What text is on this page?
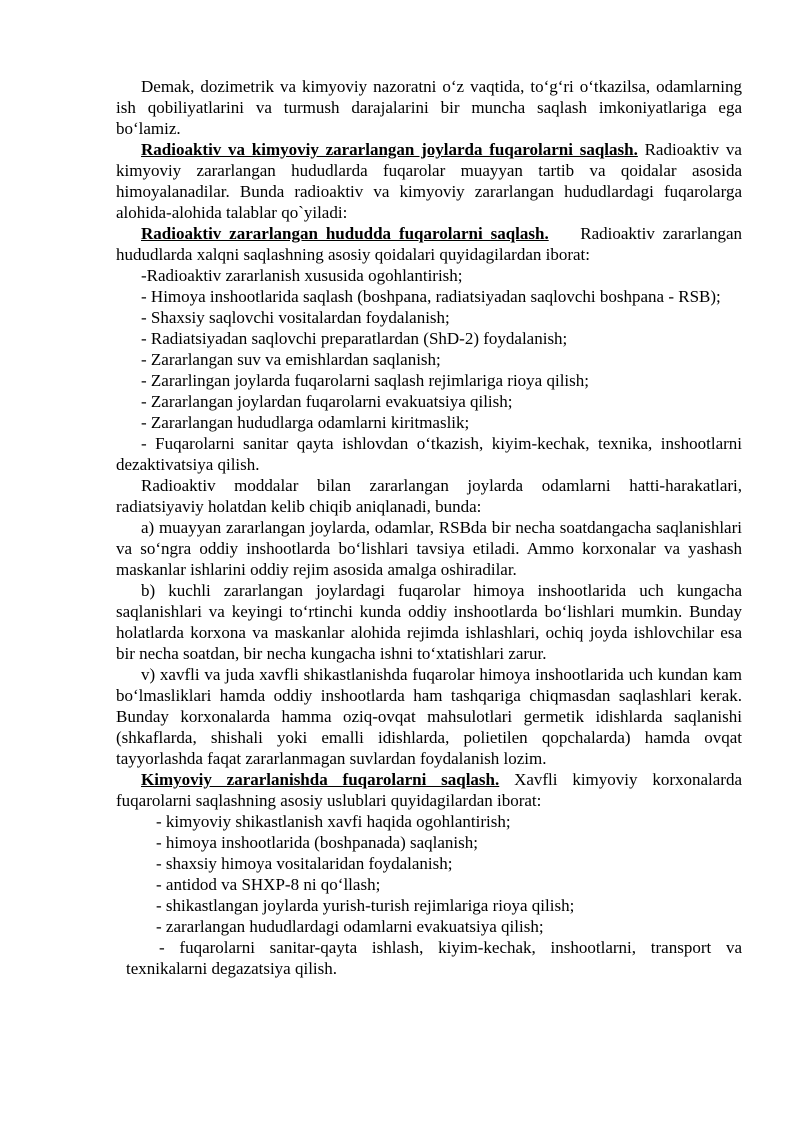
Demak, dozimetrik va kimyoviy nazoratni o‘z vaqtida, to‘g‘ri o‘tkazilsa, odamlarning ish qobiliyatlarini va turmush darajalarini bir muncha saqlash imkoniyatlariga ega bo‘lamiz.

Radioaktiv va kimyoviy zararlangan joylarda fuqarolarni saqlash. Radioaktiv va kimyoviy zararlangan hududlarda fuqarolar muayyan tartib va qoidalar asosida himoyalanadilar. Bunda radioaktiv va kimyoviy zararlangan hududlardagi fuqarolarga alohida-alohida talablar qo`yiladi:

Radioaktiv zararlangan hududda fuqarolarni saqlash. Radioaktiv zararlangan hududlarda xalqni saqlashning asosiy qoidalari quyidagilardan iborat:

-Radioaktiv zararlanish xususida ogohlantirish;

- Himoya inshootlarida saqlash (boshpana, radiatsiyadan saqlovchi boshpana - RSB);

- Shaxsiy saqlovchi vositalardan foydalanish;

- Radiatsiyadan saqlovchi preparatlardan (ShD-2) foydalanish;

- Zararlangan suv va emishlardan saqlanish;

- Zararlingan joylarda fuqarolarni saqlash rejimlariga rioya qilish;

- Zararlangan joylardan fuqarolarni evakuatsiya qilish;

- Zararlangan hududlarga odamlarni kiritmaslik;

- Fuqarolarni sanitar qayta ishlovdan o‘tkazish, kiyim-kechak, texnika, inshootlarni dezaktivatsiya qilish.

Radioaktiv moddalar bilan zararlangan joylarda odamlarni hatti-harakatlari, radiatsiyaviy holatdan kelib chiqib aniqlanadi, bunda:

a) muayyan zararlangan joylarda, odamlar, RSBda bir necha soatdangacha saqlanishlari va so‘ngra oddiy inshootlarda bo‘lishlari tavsiya etiladi. Ammo korxonalar va yashash maskanlar ishlarini oddiy rejim asosida amalga oshiradilar.

b) kuchli zararlangan joylardagi fuqarolar himoya inshootlarida uch kungacha saqlanishlari va keyingi to‘rtinchi kunda oddiy inshootlarda bo‘lishlari mumkin. Bunday holatlarda korxona va maskanlar alohida rejimda ishlashlari, ochiq joyda ishlovchilar esa bir necha soatdan, bir necha kungacha ishni to‘xtatishlari zarur.

v) xavfli va juda xavfli shikastlanishda fuqarolar himoya inshootlarida uch kundan kam bo‘lmasliklari hamda oddiy inshootlarda ham tashqariga chiqmasdan saqlashlari kerak. Bunday korxonalarda hamma oziq-ovqat mahsulotlari germetik idishlarda saqlanishi (shkaflarda, shishali yoki emalli idishlarda, polietilen qopchalarda) hamda ovqat tayyorlashda faqat zararlanmagan suvlardan foydalanish lozim.

Kimyoviy zararlanishda fuqarolarni saqlash. Xavfli kimyoviy korxonalarda fuqarolarni saqlashning asosiy uslublari quyidagilardan iborat:

- kimyoviy shikastlanish xavfi haqida ogohlantirish;

- himoya inshootlarida (boshpanada) saqlanish;

- shaxsiy himoya vositalaridan foydalanish;

- antidod va SHXP-8 ni qo‘llash;

- shikastlangan joylarda yurish-turish rejimlariga rioya qilish;

- zararlangan hududlardagi odamlarni evakuatsiya qilish;

- fuqarolarni sanitar-qayta ishlash, kiyim-kechak, inshootlarni, transport va texnikalarni degazatsiya qilish.
